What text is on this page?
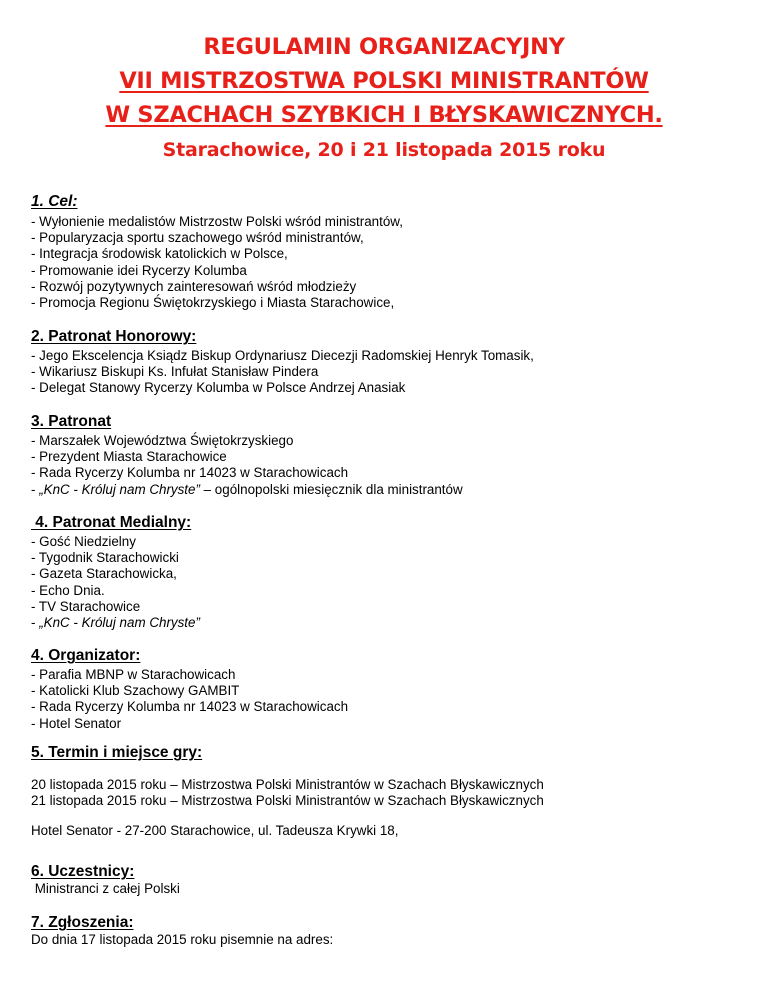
REGULAMIN ORGANIZACYJNY
VII MISTRZOSTWA POLSKI MINISTRANTÓW
W SZACHACH SZYBKICH I BŁYSKAWICZNYCH.
Starachowice, 20 i 21 listopada 2015 roku
1. Cel:
- Wyłonienie medalistów Mistrzostw Polski wśród ministrantów,
- Popularyzacja sportu szachowego wśród ministrantów,
- Integracja środowisk katolickich w Polsce,
- Promowanie idei Rycerzy Kolumba
- Rozwój pozytywnych zainteresowań wśród młodzieży
- Promocja Regionu Świętokrzyskiego i Miasta Starachowice,
2. Patronat Honorowy:
- Jego Ekscelencja Ksiądz Biskup Ordynariusz Diecezji Radomskiej Henryk Tomasik,
- Wikariusz Biskupi Ks. Infułat Stanisław Pindera
- Delegat Stanowy Rycerzy Kolumba w Polsce Andrzej Anasiak
3. Patronat
- Marszałek Województwa Świętokrzyskiego
- Prezydent Miasta Starachowice
- Rada Rycerzy Kolumba nr 14023 w Starachowicach
- „KnC - Króluj nam Chryste” – ogólnopolski miesięcznik dla ministrantów
4. Patronat Medialny:
- Gość Niedzielny
- Tygodnik Starachowicki
- Gazeta Starachowicka,
- Echo Dnia.
- TV Starachowice
- „KnC - Króluj nam Chryste”
4. Organizator:
- Parafia MBNP w Starachowicach
- Katolicki Klub Szachowy GAMBIT
- Rada Rycerzy Kolumba nr 14023 w Starachowicach
- Hotel Senator
5. Termin i miejsce gry:
20 listopada 2015 roku – Mistrzostwa Polski Ministrantów w Szachach Błyskawicznych
21 listopada 2015 roku – Mistrzostwa Polski Ministrantów w Szachach Błyskawicznych
Hotel Senator - 27-200 Starachowice, ul. Tadeusza Krywki 18,
6. Uczestnicy:
Ministranci z całej Polski
7. Zgłoszenia:
Do dnia 17 listopada 2015 roku pisemnie na adres:
